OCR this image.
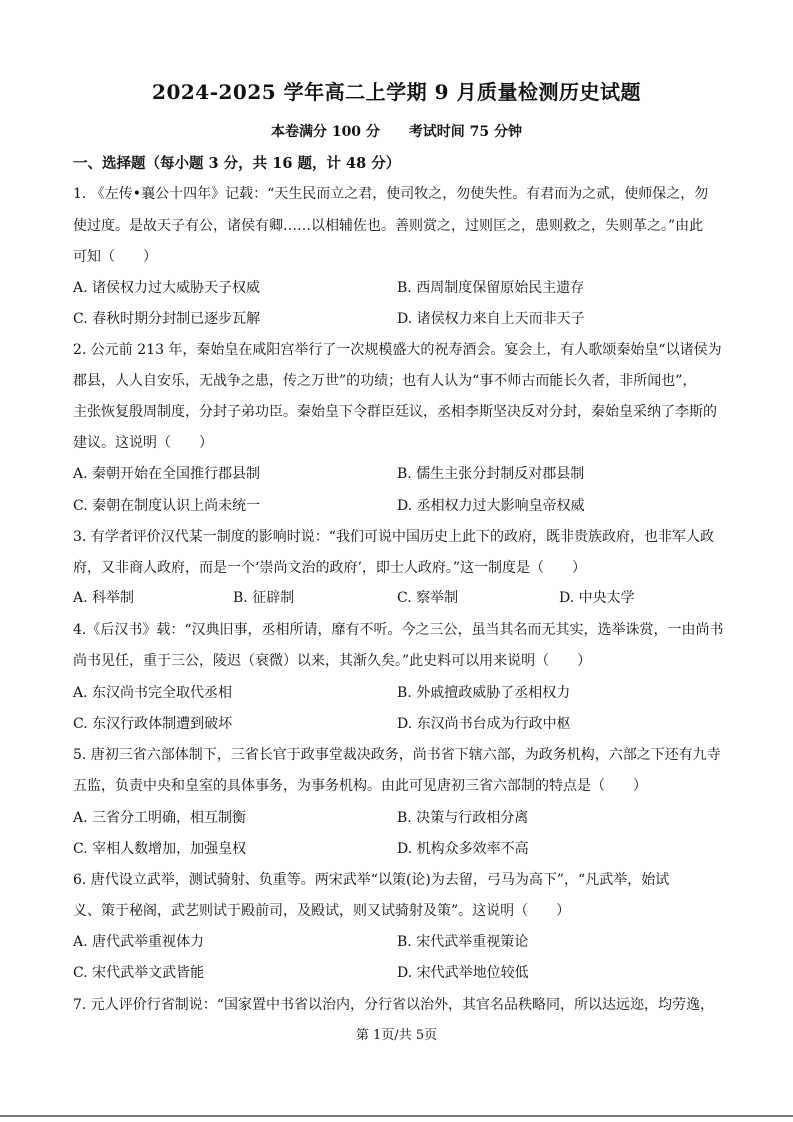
2024-2025 学年高二上学期 9 月质量检测历史试题
本卷满分 100 分 考试时间 75 分钟
一、选择题（每小题 3 分，共 16 题，计 48 分）
1. 《左传•襄公十四年》记载：“天生民而立之君，使司牧之，勿使失性。有君而为之贰，使师保之，勿
使过度。是故天子有公，诸侯有卿……以相辅佐也。善则赏之，过则匡之，患则救之，失则革之。”由此
可知（　　）
A. 诸侯权力过大威胁天子权威	B. 西周制度保留原始民主遗存
C. 春秋时期分封制已逐步瓦解	D. 诸侯权力来自上天而非天子
2. 公元前 213 年，秦始皇在咸阳宫举行了一次规模盛大的祝寿酒会。宴会上，有人歌颂秦始皇“以诸侯为
郡县，人人自安乐，无战争之患，传之万世”的功绩；也有人认为“事不师古而能长久者，非所闻也”，
主张恢复殷周制度，分封子弟功臣。秦始皇下令群臣廷议，丞相李斯坚决反对分封，秦始皇采纳了李斯的
建议。这说明（　　）
A. 秦朝开始在全国推行郡县制	B. 儒生主张分封制反对郡县制
C. 秦朝在制度认识上尚未统一	D. 丞相权力过大影响皇帝权威
3. 有学者评价汉代某一制度的影响时说：“我们可说中国历史上此下的政府，既非贵族政府，也非军人政
府，又非商人政府，而是一个‘崇尚文治的政府’，即士人政府。”这一制度是（　　）
A. 科举制	B. 征辟制	C. 察举制	D. 中央太学
4.《后汉书》载：“汉典旧事，丞相所请，靡有不听。今之三公，虽当其名而无其实，选举诛赏，一由尚书
尚书见任，重于三公，陵迟（衰微）以来，其渐久矣。”此史料可以用来说明（　　）
A. 东汉尚书完全取代丞相	B. 外戚擅政威胁了丞相权力
C. 东汉行政体制遭到破坏	D. 东汉尚书台成为行政中枢
5. 唐初三省六部体制下，三省长官于政事堂裁决政务，尚书省下辖六部，为政务机构，六部之下还有九寺
五监，负责中央和皇室的具体事务，为事务机构。由此可见唐初三省六部制的特点是（　　）
A. 三省分工明确，相互制衡	B. 决策与行政相分离
C. 宰相人数增加，加强皇权	D. 机构众多效率不高
6. 唐代设立武举，测试骑射、负重等。两宋武举“以策(论)为去留，弓马为高下”，“凡武举，始试
义、策于秘阁，武艺则试于殿前司，及殿试，则又试骑射及策”。这说明（　　）
A. 唐代武举重视体力	B. 宋代武举重视策论
C. 宋代武举文武皆能	D. 宋代武举地位较低
7. 元人评价行省制说：“国家置中书省以治内，分行省以治外，其官名品秩略同，所以达远迩，均劳逸，
第 1页/共 5页
